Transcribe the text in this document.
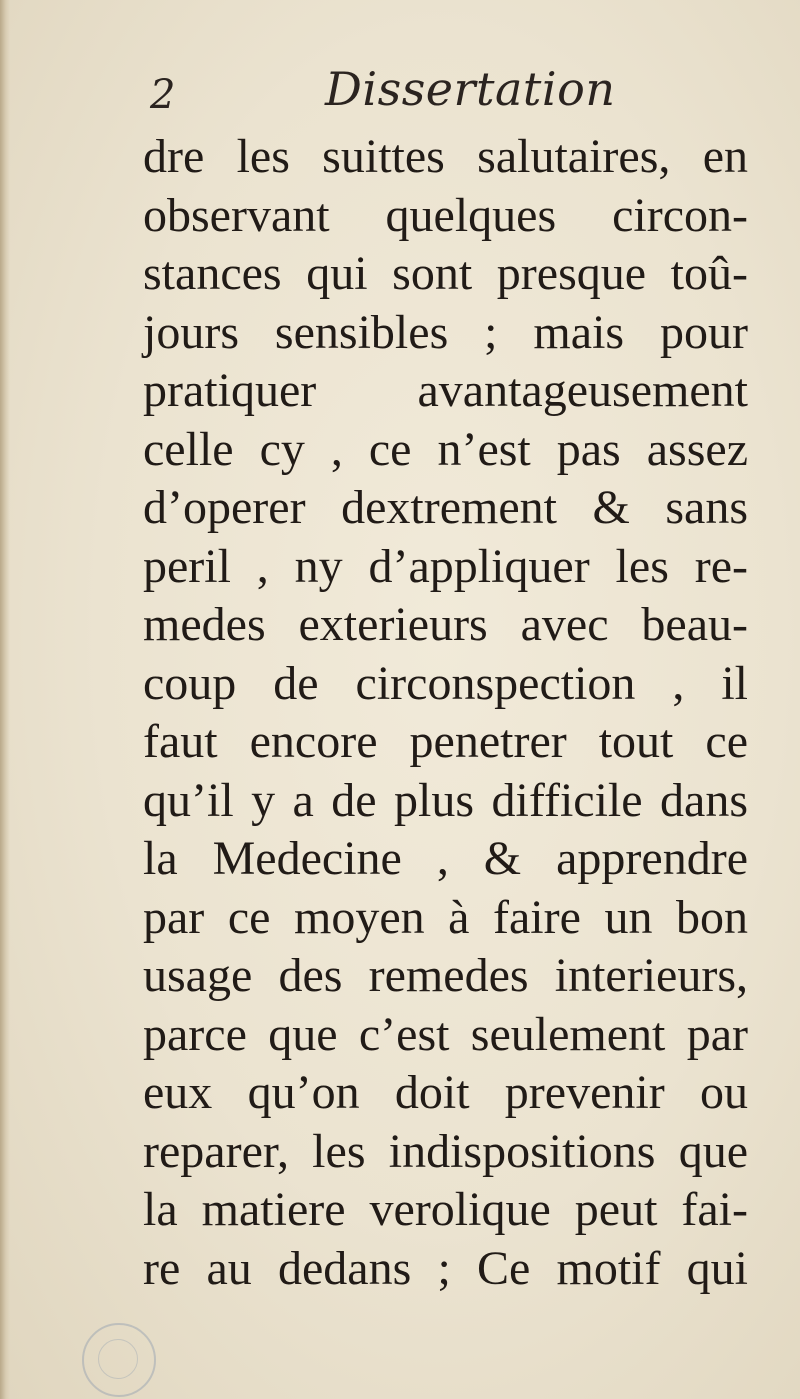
2	Dissertation
dre les suittes salutaires, en
observant quelques circon-
stances qui sont presque toû-
jours sensibles ; mais pour
pratiquer avantageusement
celle cy , ce n’est pas assez
d’operer dextrement & sans
peril , ny d’appliquer les re-
medes exterieurs avec beau-
coup de circonspection , il
faut encore penetrer tout ce
qu’il y a de plus difficile dans
la Medecine , & apprendre
par ce moyen à faire un bon
usage des remedes interieurs,
parce que c’est seulement par
eux qu’on doit prevenir ou
reparer, les indispositions que
la matiere verolique peut fai-
re au dedans ; Ce motif qui
